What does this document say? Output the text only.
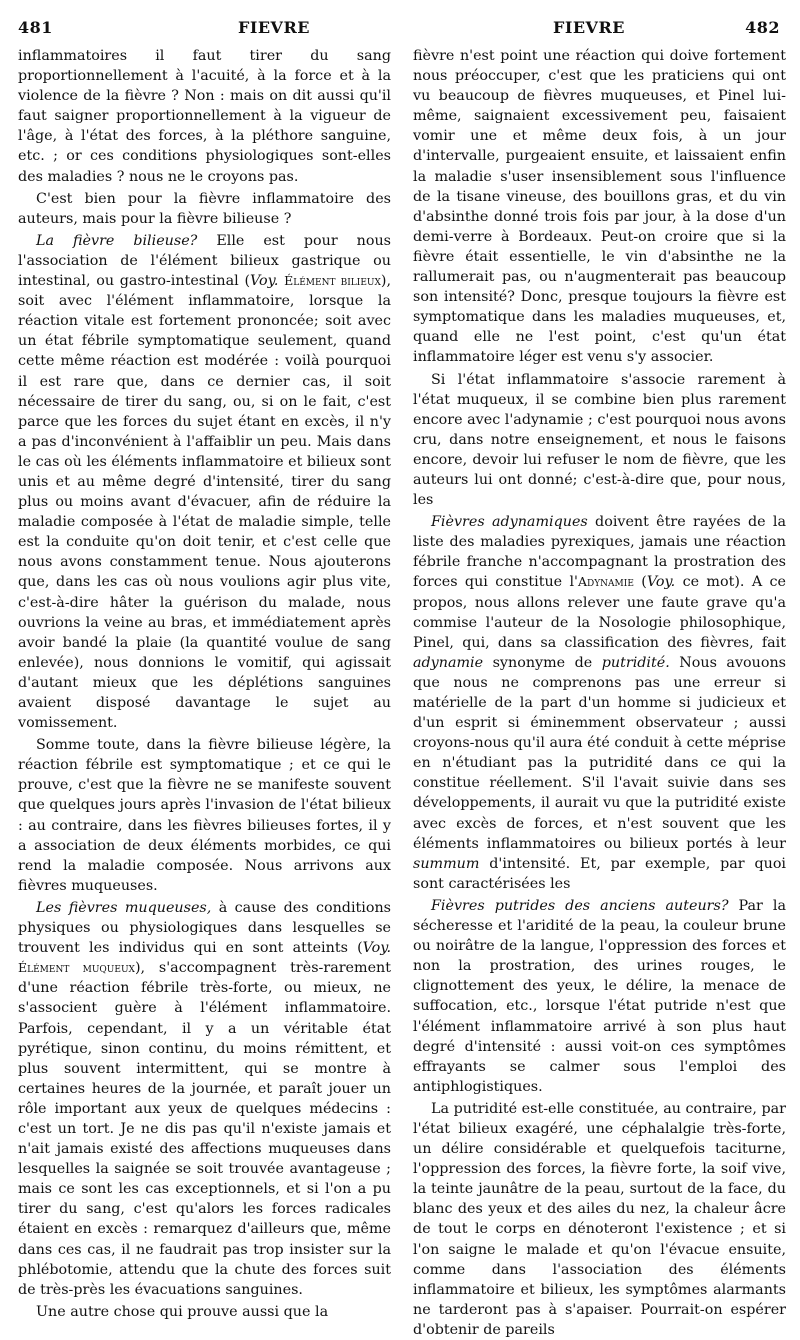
481	FIEVRE	FIEVRE	482

inflammatoires il faut tirer du sang proportionnellement à l'acuité, à la force et à la violence de la fièvre ? Non : mais on dit aussi qu'il faut saigner proportionnellement à la vigueur de l'âge, à l'état des forces, à la pléthore sanguine, etc. ; or ces conditions physiologiques sont-elles des maladies ? nous ne le croyons pas.

C'est bien pour la fièvre inflammatoire des auteurs, mais pour la fièvre bilieuse ?

La fièvre bilieuse? Elle est pour nous l'association de l'élément bilieux gastrique ou intestinal, ou gastro-intestinal (Voy. Élément bilieux), soit avec l'élément inflammatoire, lorsque la réaction vitale est fortement prononcée; soit avec un état fébrile symptomatique seulement, quand cette même réaction est modérée : voilà pourquoi il est rare que, dans ce dernier cas, il soit nécessaire de tirer du sang, ou, si on le fait, c'est parce que les forces du sujet étant en excès, il n'y a pas d'inconvénient à l'affaiblir un peu. Mais dans le cas où les éléments inflammatoire et bilieux sont unis et au même degré d'intensité, tirer du sang plus ou moins avant d'évacuer, afin de réduire la maladie composée à l'état de maladie simple, telle est la conduite qu'on doit tenir, et c'est celle que nous avons constamment tenue. Nous ajouterons que, dans les cas où nous voulions agir plus vite, c'est-à-dire hâter la guérison du malade, nous ouvrions la veine au bras, et immédiatement après avoir bandé la plaie (la quantité voulue de sang enlevée), nous donnions le vomitif, qui agissait d'autant mieux que les déplétions sanguines avaient disposé davantage le sujet au vomissement.

Somme toute, dans la fièvre bilieuse légère, la réaction fébrile est symptomatique ; et ce qui le prouve, c'est que la fièvre ne se manifeste souvent que quelques jours après l'invasion de l'état bilieux : au contraire, dans les fièvres bilieuses fortes, il y a association de deux éléments morbides, ce qui rend la maladie composée. Nous arrivons aux fièvres muqueuses.

Les fièvres muqueuses, à cause des conditions physiques ou physiologiques dans lesquelles se trouvent les individus qui en sont atteints (Voy. Élément muqueux), s'accompagnent très-rarement d'une réaction fébrile très-forte, ou mieux, ne s'associent guère à l'élément inflammatoire. Parfois, cependant, il y a un véritable état pyrétique, sinon continu, du moins rémittent, et plus souvent intermittent, qui se montre à certaines heures de la journée, et paraît jouer un rôle important aux yeux de quelques médecins : c'est un tort. Je ne dis pas qu'il n'existe jamais et n'ait jamais existé des affections muqueuses dans lesquelles la saignée se soit trouvée avantageuse ; mais ce sont les cas exceptionnels, et si l'on a pu tirer du sang, c'est qu'alors les forces radicales étaient en excès : remarquez d'ailleurs que, même dans ces cas, il ne faudrait pas trop insister sur la phlébotomie, attendu que la chute des forces suit de très-près les évacuations sanguines.

Une autre chose qui prouve aussi que la

fièvre n'est point une réaction qui doive fortement nous préoccuper, c'est que les praticiens qui ont vu beaucoup de fièvres muqueuses, et Pinel lui-même, saignaient excessivement peu, faisaient vomir une et même deux fois, à un jour d'intervalle, purgeaient ensuite, et laissaient enfin la maladie s'user insensiblement sous l'influence de la tisane vineuse, des bouillons gras, et du vin d'absinthe donné trois fois par jour, à la dose d'un demi-verre à Bordeaux. Peut-on croire que si la fièvre était essentielle, le vin d'absinthe ne la rallumerait pas, ou n'augmenterait pas beaucoup son intensité? Donc, presque toujours la fièvre est symptomatique dans les maladies muqueuses, et, quand elle ne l'est point, c'est qu'un état inflammatoire léger est venu s'y associer.

Si l'état inflammatoire s'associe rarement à l'état muqueux, il se combine bien plus rarement encore avec l'adynamie ; c'est pourquoi nous avons cru, dans notre enseignement, et nous le faisons encore, devoir lui refuser le nom de fièvre, que les auteurs lui ont donné; c'est-à-dire que, pour nous, les

Fièvres adynamiques doivent être rayées de la liste des maladies pyrexiques, jamais une réaction fébrile franche n'accompagnant la prostration des forces qui constitue l'Adynamie (Voy. ce mot). A ce propos, nous allons relever une faute grave qu'a commise l'auteur de la Nosologie philosophique, Pinel, qui, dans sa classification des fièvres, fait adynamie synonyme de putridité. Nous avouons que nous ne comprenons pas une erreur si matérielle de la part d'un homme si judicieux et d'un esprit si éminemment observateur ; aussi croyons-nous qu'il aura été conduit à cette méprise en n'étudiant pas la putridité dans ce qui la constitue réellement. S'il l'avait suivie dans ses développements, il aurait vu que la putridité existe avec excès de forces, et n'est souvent que les éléments inflammatoires ou bilieux portés à leur summum d'intensité. Et, par exemple, par quoi sont caractérisées les

Fièvres putrides des anciens auteurs? Par la sécheresse et l'aridité de la peau, la couleur brune ou noirâtre de la langue, l'oppression des forces et non la prostration, des urines rouges, le clignottement des yeux, le délire, la menace de suffocation, etc., lorsque l'état putride n'est que l'élément inflammatoire arrivé à son plus haut degré d'intensité : aussi voit-on ces symptômes effrayants se calmer sous l'emploi des antiphlogistiques.

La putridité est-elle constituée, au contraire, par l'état bilieux exagéré, une céphalalgie très-forte, un délire considérable et quelquefois taciturne, l'oppression des forces, la fièvre forte, la soif vive, la teinte jaunâtre de la peau, surtout de la face, du blanc des yeux et des ailes du nez, la chaleur âcre de tout le corps en dénoteront l'existence ; et si l'on saigne le malade et qu'on l'évacue ensuite, comme dans l'association des éléments inflammatoire et bilieux, les symptômes alarmants ne tarderont pas à s'apaiser. Pourrait-on espérer d'obtenir de pareils
